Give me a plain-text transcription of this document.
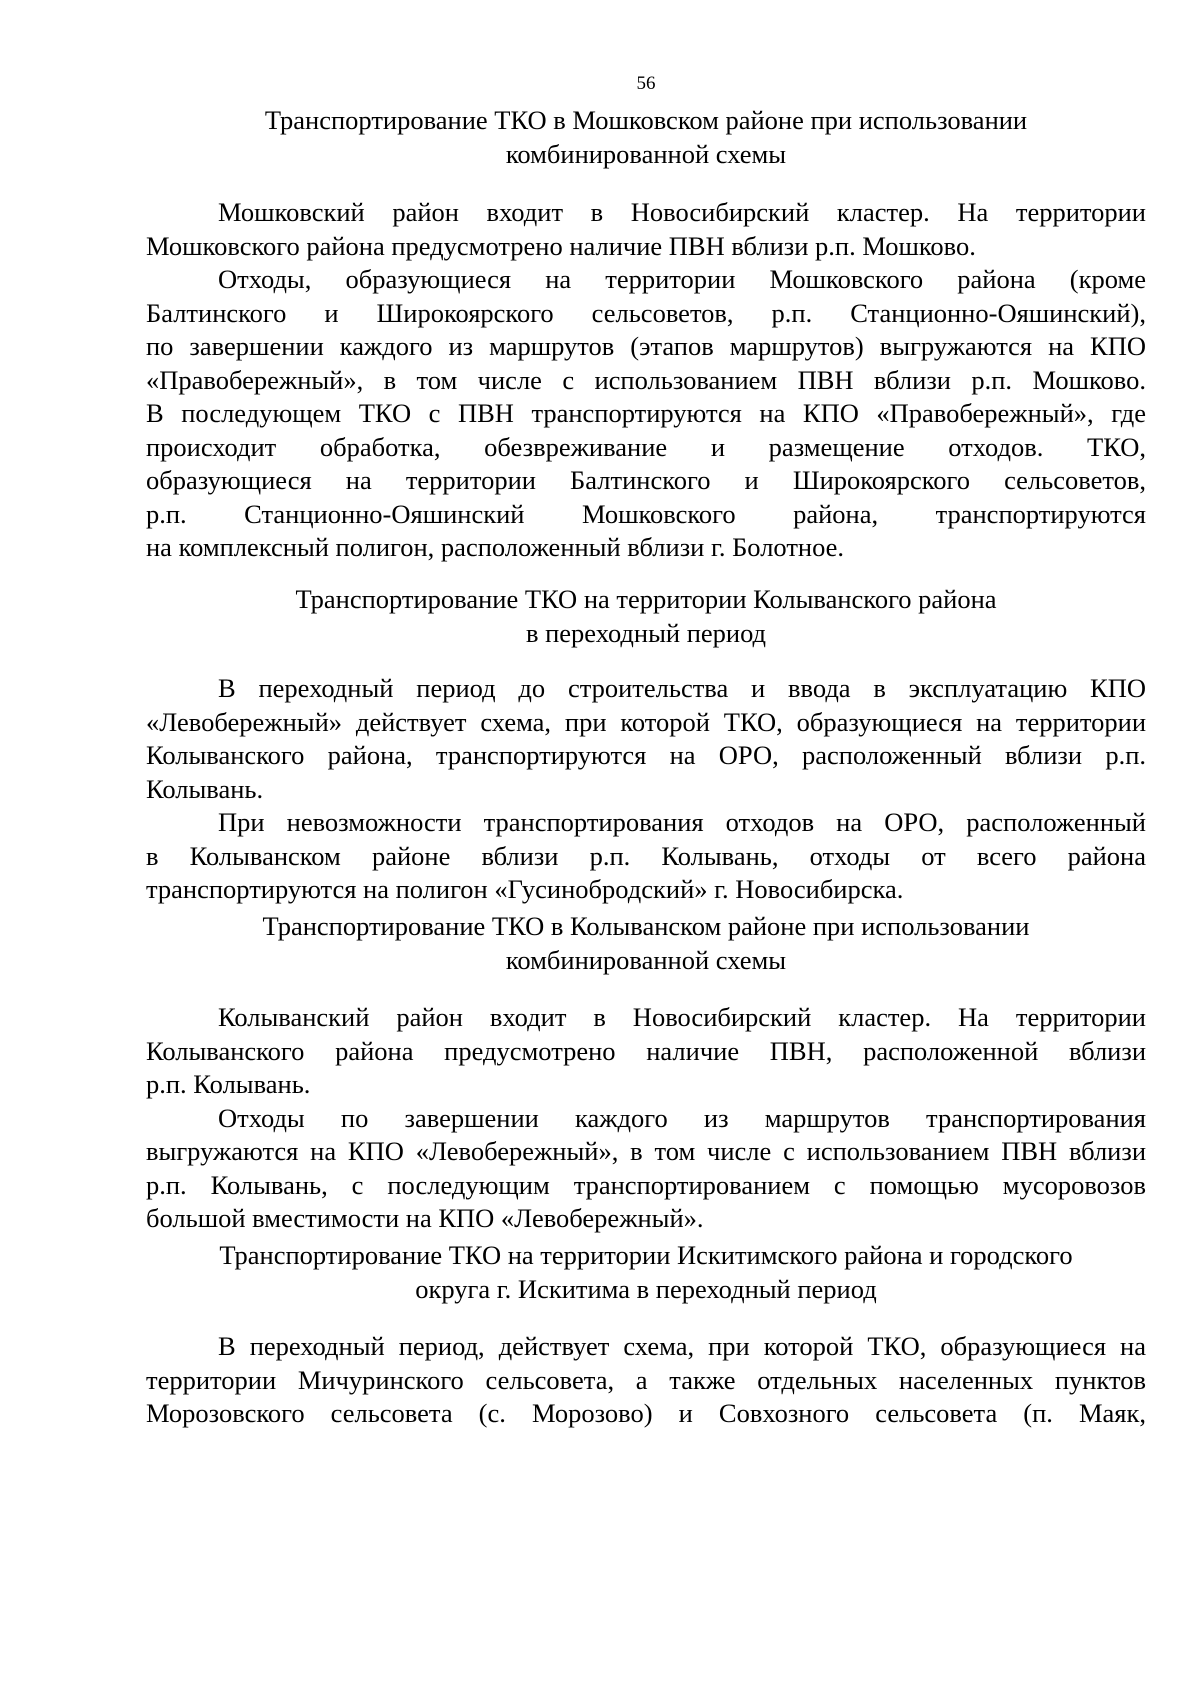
56
Транспортирование ТКО в Мошковском районе при использовании
комбинированной схемы
Мошковский район входит в Новосибирский кластер. На территории
Мошковского района предусмотрено наличие ПВН вблизи р.п. Мошково.
Отходы, образующиеся на территории Мошковского района (кроме
Балтинского и Широкоярского сельсоветов, р.п. Станционно-Ояшинский),
по завершении каждого из маршрутов (этапов маршрутов) выгружаются на КПО
«Правобережный», в том числе с использованием ПВН вблизи р.п. Мошково.
В последующем ТКО с ПВН транспортируются на КПО «Правобережный», где
происходит обработка, обезвреживание и размещение отходов. ТКО,
образующиеся на территории Балтинского и Широкоярского сельсоветов,
р.п. Станционно-Ояшинский Мошковского района, транспортируются
на комплексный полигон, расположенный вблизи г. Болотное.
Транспортирование ТКО на территории Колыванского района
в переходный период
В переходный период до строительства и ввода в эксплуатацию КПО
«Левобережный» действует схема, при которой ТКО, образующиеся на территории
Колыванского района, транспортируются на ОРО, расположенный вблизи р.п.
Колывань.
При невозможности транспортирования отходов на ОРО, расположенный
в Колыванском районе вблизи р.п. Колывань, отходы от всего района
транспортируются на полигон «Гусинобродский» г. Новосибирска.
Транспортирование ТКО в Колыванском районе при использовании
комбинированной схемы
Колыванский район входит в Новосибирский кластер. На территории
Колыванского района предусмотрено наличие ПВН, расположенной вблизи
р.п. Колывань.
Отходы по завершении каждого из маршрутов транспортирования
выгружаются на КПО «Левобережный», в том числе с использованием ПВН вблизи
р.п. Колывань, с последующим транспортированием с помощью мусоровозов
большой вместимости на КПО «Левобережный».
Транспортирование ТКО на территории Искитимского района и городского
округа г. Искитима в переходный период
В переходный период, действует схема, при которой ТКО, образующиеся на
территории Мичуринского сельсовета, а также отдельных населенных пунктов
Морозовского сельсовета (с. Морозово) и Совхозного сельсовета (п. Маяк,
